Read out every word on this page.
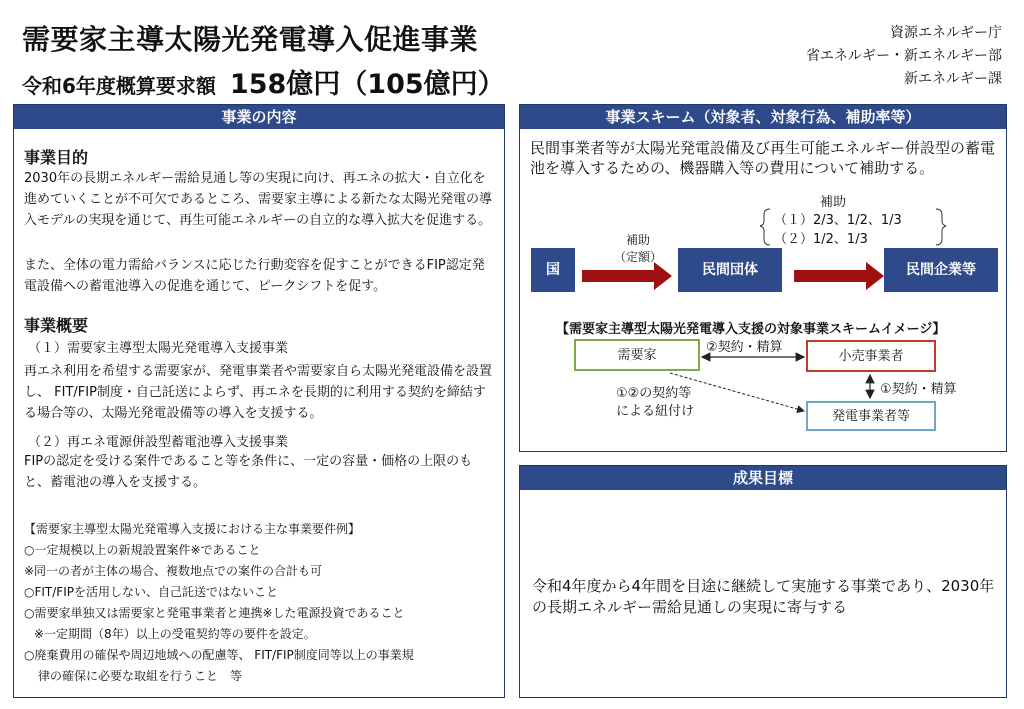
需要家主導太陽光発電導入促進事業
令和6年度概算要求額 158億円（105億円）
資源エネルギー庁
省エネルギー・新エネルギー部
新エネルギー課
事業の内容
事業目的
2030年の長期エネルギー需給見通し等の実現に向け、再エネの拡大・自立化を進めていくことが不可欠であるところ、需要家主導による新たな太陽光発電の導入モデルの実現を通じて、再生可能エネルギーの自立的な導入拡大を促進する。
また、全体の電力需給バランスに応じた行動変容を促すことができるFIP認定発電設備への蓄電池導入の促進を通じて、ピークシフトを促す。
事業概要
（１）需要家主導型太陽光発電導入支援事業
再エネ利用を希望する需要家が、発電事業者や需要家自ら太陽光発電設備を設置し、 FIT/FIP制度・自己託送によらず、再エネを長期的に利用する契約を締結する場合等の、太陽光発電設備等の導入を支援する。
（２）再エネ電源併設型蓄電池導入支援事業
FIPの認定を受ける案件であること等を条件に、一定の容量・価格の上限のもと、蓄電池の導入を支援する。
【需要家主導型太陽光発電導入支援における主な事業要件例】
○一定規模以上の新規設置案件※であること
※同一の者が主体の場合、複数地点での案件の合計も可
○FIT/FIPを活用しない、自己託送ではないこと
○需要家単独又は需要家と発電事業者と連携※した電源投資であること
※一定期間（8年）以上の受電契約等の要件を設定。
○廃棄費用の確保や周辺地域への配慮等、 FIT/FIP制度同等以上の事業規
律の確保に必要な取組を行うこと　等
事業スキーム（対象者、対象行為、補助率等）
民間事業者等が太陽光発電設備及び再生可能エネルギー併設型の蓄電池を導入するための、機器購入等の費用について補助する。
補助
（１）2/3、1/2、1/3
（２）1/2、1/3
国
補助
（定額）
民間団体	民間企業等
【需要家主導型太陽光発電導入支援の対象事業スキームイメージ】
需要家	小売事業者
発電事業者等
②契約・精算
①契約・精算
①②の契約等
による紐付け
成果目標
令和4年度から4年間を目途に継続して実施する事業であり、2030年の長期エネルギー需給見通しの実現に寄与する
